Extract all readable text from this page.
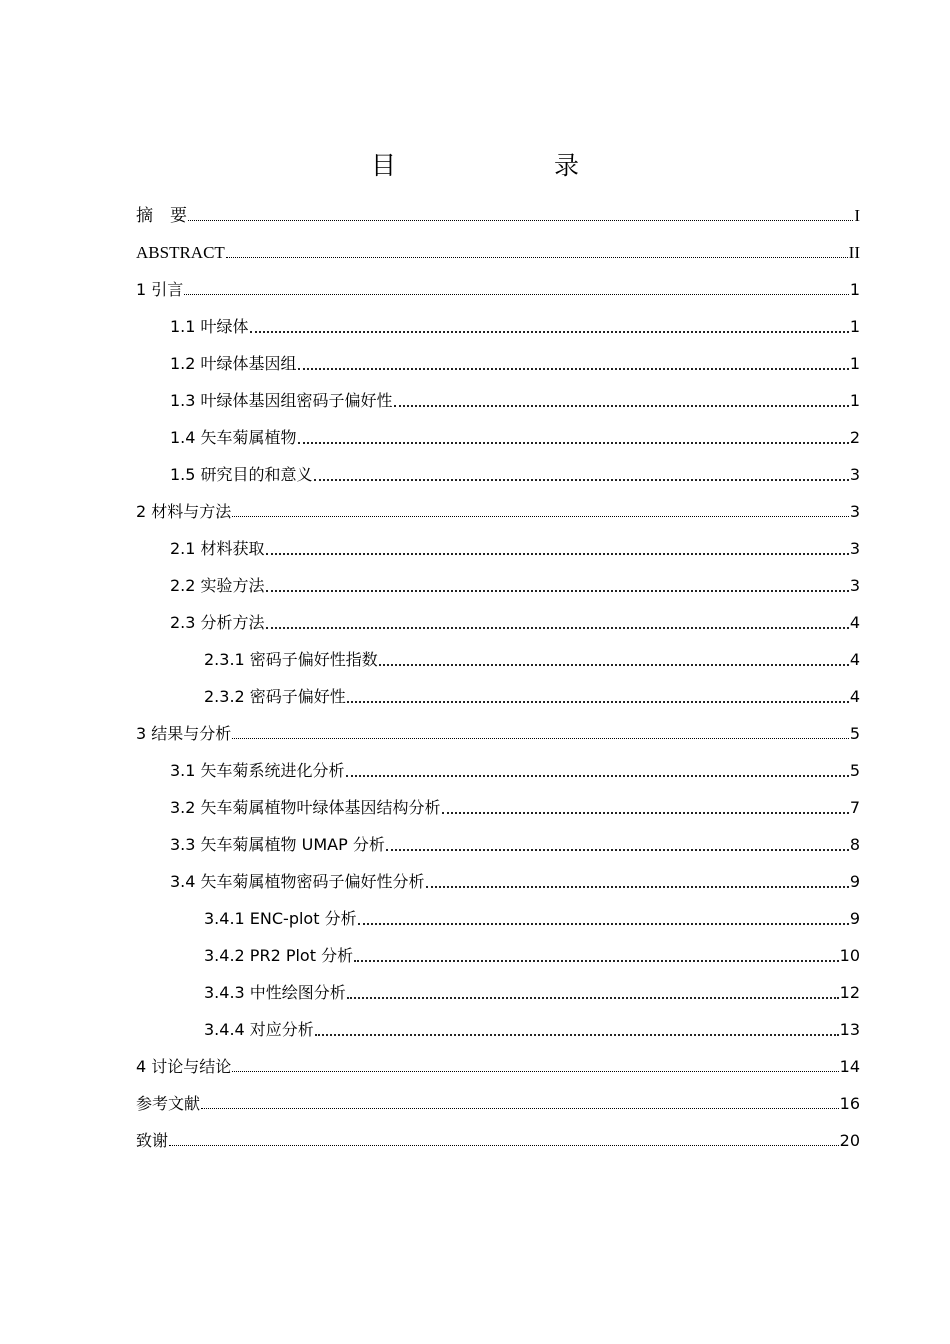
目　　录
摘　要	I
ABSTRACT	II
1 引言	1
1.1 叶绿体	1
1.2 叶绿体基因组	1
1.3 叶绿体基因组密码子偏好性	1
1.4 矢车菊属植物	2
1.5 研究目的和意义	3
2 材料与方法	3
2.1 材料获取	3
2.2 实验方法	3
2.3 分析方法	4
2.3.1 密码子偏好性指数	4
2.3.2 密码子偏好性	4
3 结果与分析	5
3.1 矢车菊系统进化分析	5
3.2 矢车菊属植物叶绿体基因结构分析	7
3.3 矢车菊属植物 UMAP 分析	8
3.4 矢车菊属植物密码子偏好性分析	9
3.4.1 ENC-plot 分析	9
3.4.2 PR2 Plot 分析	10
3.4.3 中性绘图分析	12
3.4.4 对应分析	13
4 讨论与结论	14
参考文献	16
致谢	20
